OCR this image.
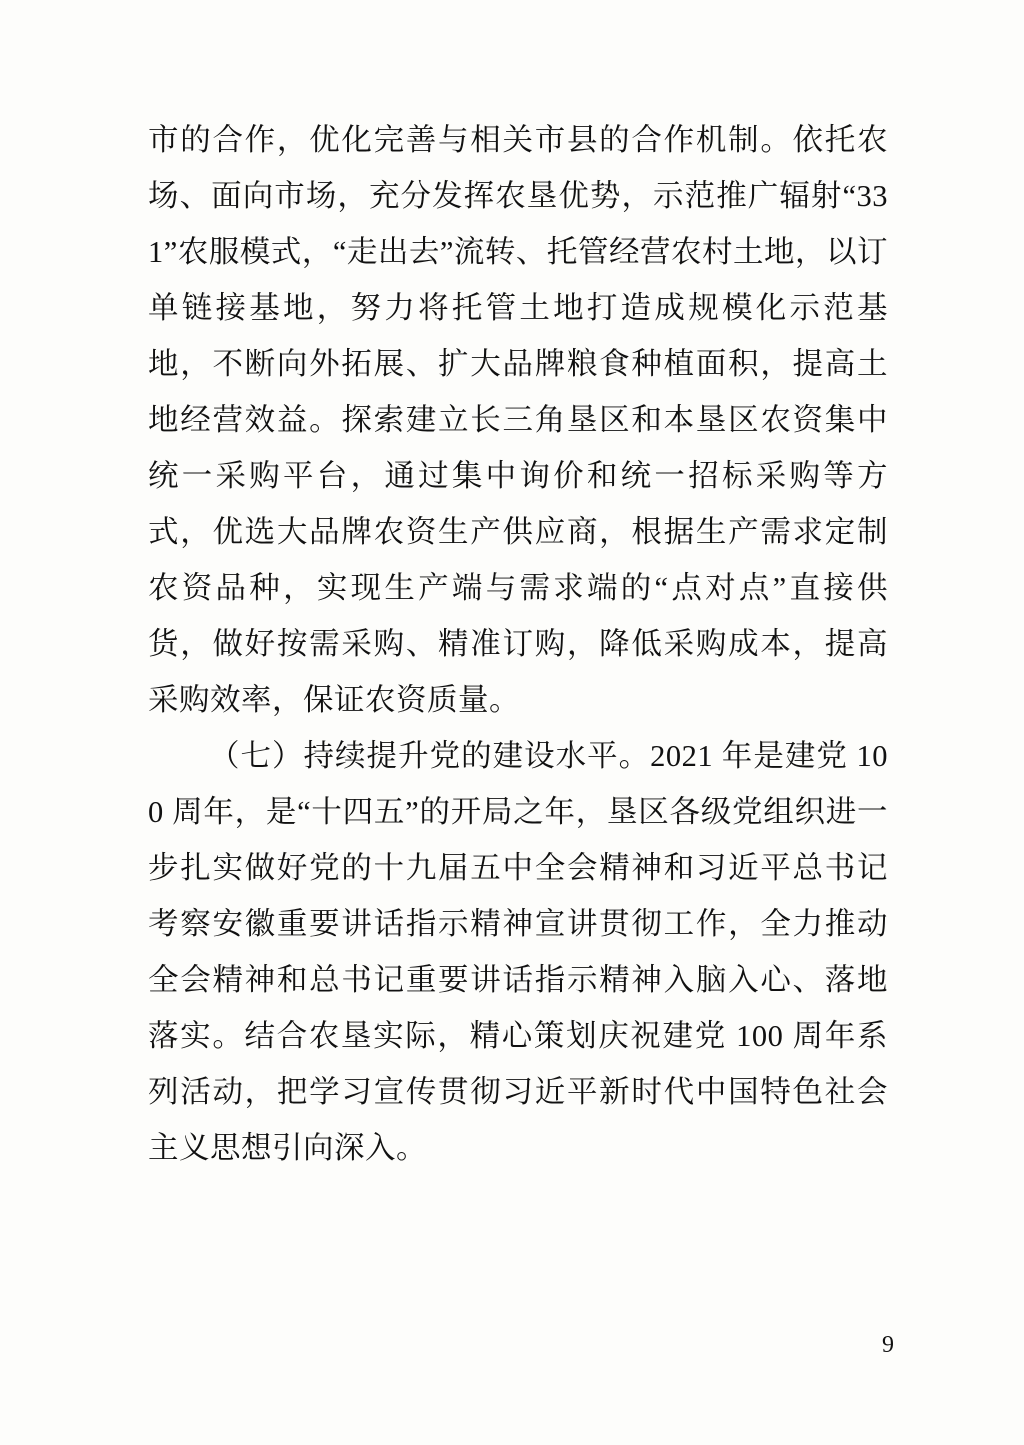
市的合作，优化完善与相关市县的合作机制。依托农场、面向市场，充分发挥农垦优势，示范推广辐射“331”农服模式，“走出去”流转、托管经营农村土地，以订单链接基地，努力将托管土地打造成规模化示范基地，不断向外拓展、扩大品牌粮食种植面积，提高土地经营效益。探索建立长三角垦区和本垦区农资集中统一采购平台，通过集中询价和统一招标采购等方式，优选大品牌农资生产供应商，根据生产需求定制农资品种，实现生产端与需求端的“点对点”直接供货，做好按需采购、精准订购，降低采购成本，提高采购效率，保证农资质量。

（七）持续提升党的建设水平。2021 年是建党 100 周年，是“十四五”的开局之年，垦区各级党组织进一步扎实做好党的十九届五中全会精神和习近平总书记考察安徽重要讲话指示精神宣讲贯彻工作，全力推动全会精神和总书记重要讲话指示精神入脑入心、落地落实。结合农垦实际，精心策划庆祝建党 100 周年系列活动，把学习宣传贯彻习近平新时代中国特色社会主义思想引向深入。

9
